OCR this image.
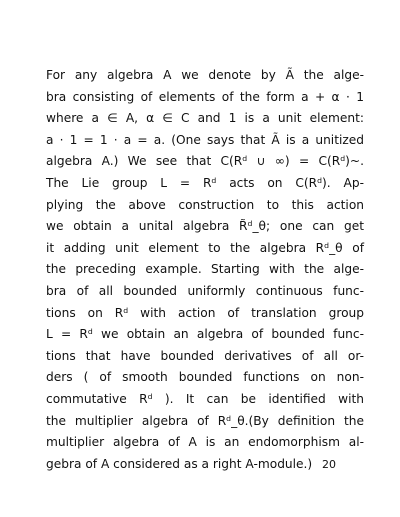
For any algebra A we denote by Ã the alge-
bra consisting of elements of the form a + α · 1
where a ∈ A, α ∈ C and 1 is a unit element:
a · 1 = 1 · a = a. (One says that Ã is a unitized
algebra A.) We see that C(Rᵈ ∪ ∞) = C(Rᵈ)~.
The Lie group L = Rᵈ acts on C(Rᵈ). Ap-
plying the above construction to this action
we obtain a unital algebra R̃ᵈ_θ; one can get
it adding unit element to the algebra Rᵈ_θ of
the preceding example. Starting with the alge-
bra of all bounded uniformly continuous func-
tions on Rᵈ with action of translation group
L = Rᵈ we obtain an algebra of bounded func-
tions that have bounded derivatives of all or-
ders ( of smooth bounded functions on non-
commutative Rᵈ ). It can be identified with
the multiplier algebra of Rᵈ_θ.(By definition the
multiplier algebra of A is an endomorphism al-
gebra of A considered as a right A-module.) 20
